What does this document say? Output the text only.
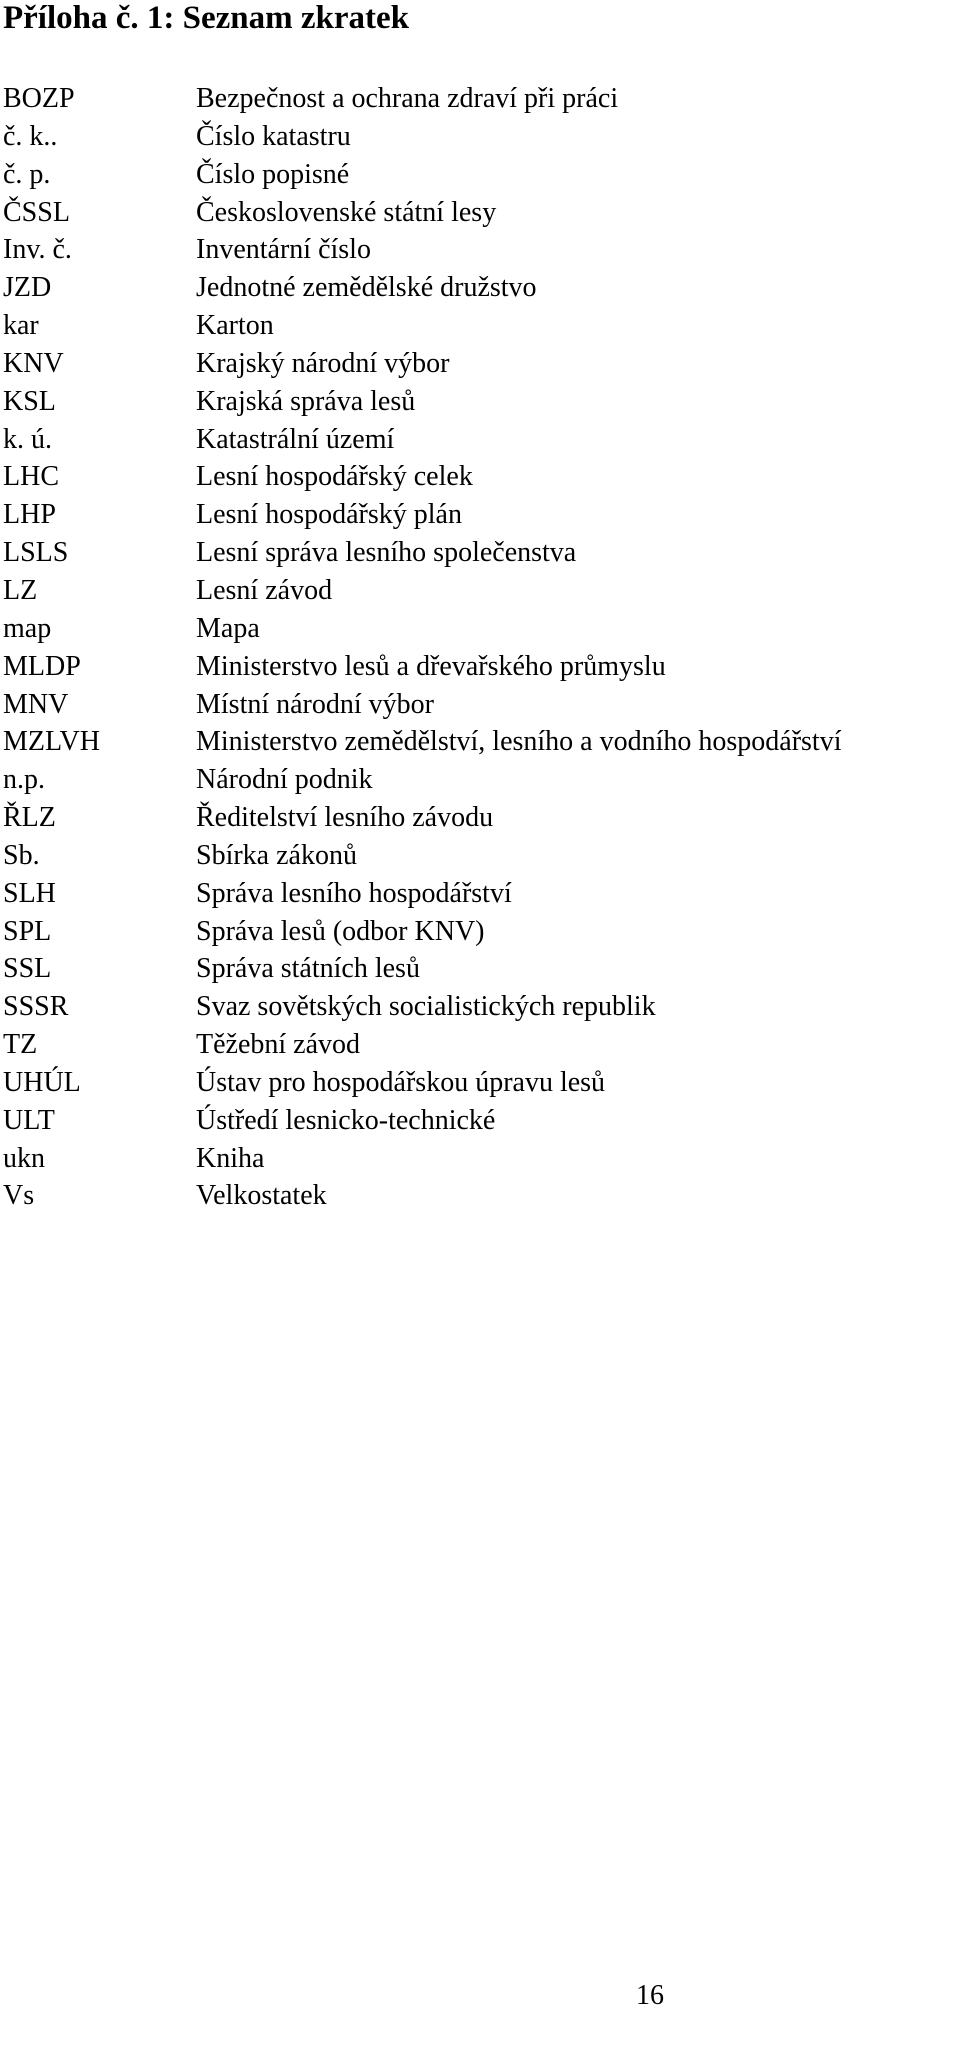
Příloha č. 1: Seznam zkratek
BOZP	Bezpečnost a ochrana zdraví při práci
č. k..	Číslo katastru
č. p.	Číslo popisné
ČSSL	Československé státní lesy
Inv. č.	Inventární číslo
JZD	Jednotné zemědělské družstvo
kar	Karton
KNV	Krajský národní výbor
KSL	Krajská správa lesů
k. ú.	Katastrální území
LHC	Lesní hospodářský celek
LHP	Lesní hospodářský plán
LSLS	Lesní správa lesního společenstva
LZ	Lesní závod
map	Mapa
MLDP	Ministerstvo lesů a dřevařského průmyslu
MNV	Místní národní výbor
MZLVH	Ministerstvo zemědělství, lesního a vodního hospodářství
n.p.	Národní podnik
ŘLZ	Ředitelství lesního závodu
Sb.	Sbírka zákonů
SLH	Správa lesního hospodářství
SPL	Správa lesů (odbor KNV)
SSL	Správa státních lesů
SSSR	Svaz sovětských socialistických republik
TZ	Těžební závod
UHÚL	Ústav pro hospodářskou úpravu lesů
ULT	Ústředí lesnicko-technické
ukn	Kniha
Vs	Velkostatek
16
